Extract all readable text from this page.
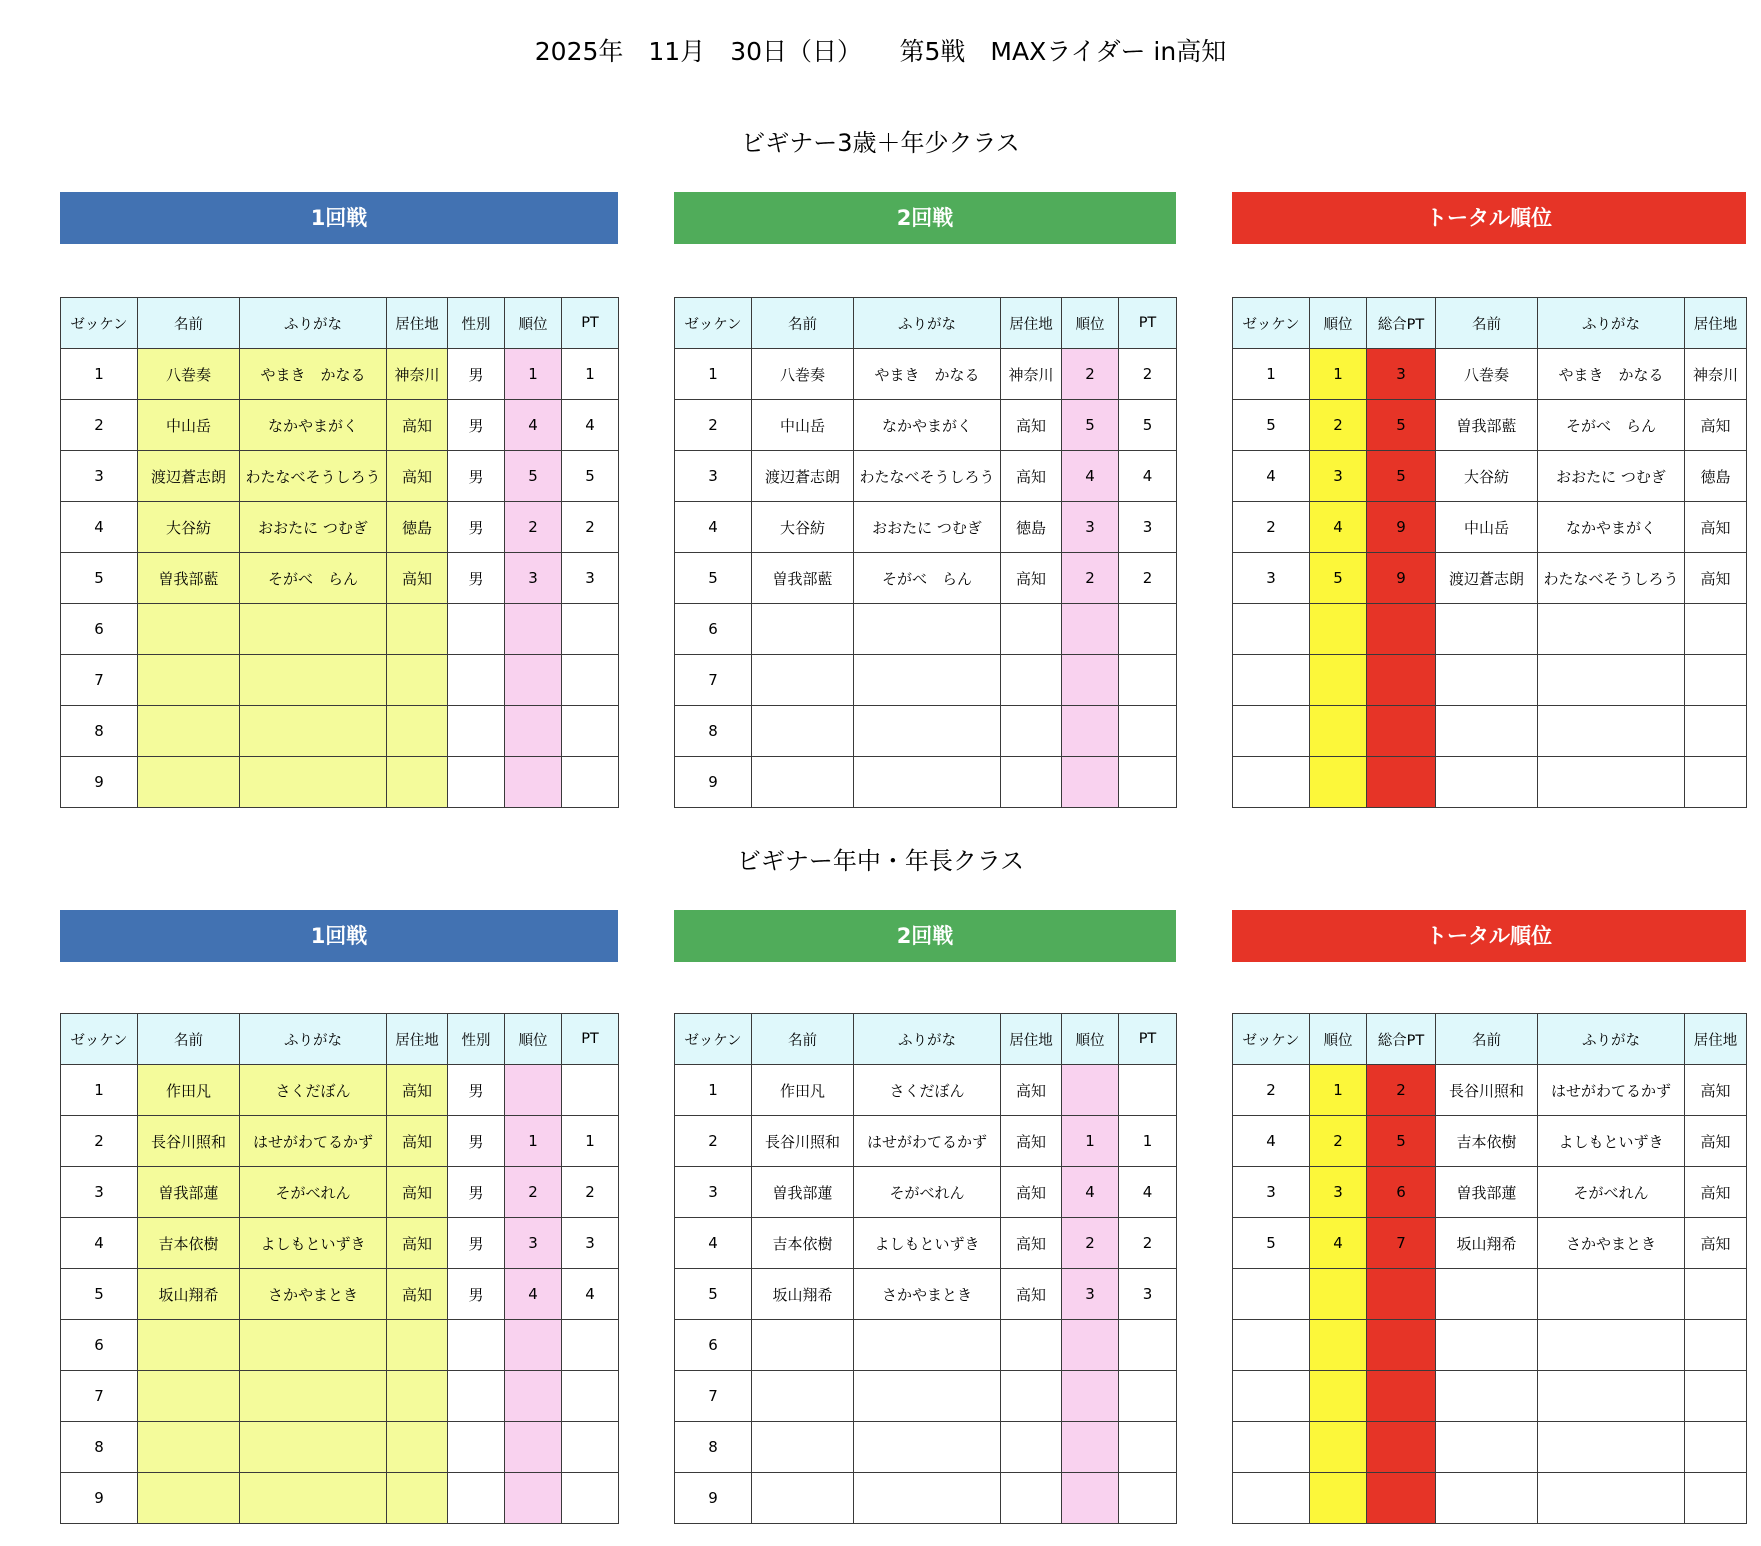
2025年　11月　30日（日）　　第5戦　MAXライダー in高知
ビギナー3歳＋年少クラス
1回戦	2回戦	トータル順位
ゼッケン	名前	ふりがな	居住地	性別	順位	PT
1	八巻奏	やまき　かなる	神奈川	男	1	1
2	中山岳	なかやまがく	高知	男	4	4
3	渡辺蒼志朗	わたなべそうしろう	高知	男	5	5
4	大谷紡	おおたに つむぎ	徳島	男	2	2
5	曽我部藍	そがべ　らん	高知	男	3	3
6						
7						
8						
9						
ゼッケン	名前	ふりがな	居住地	順位	PT
1	八巻奏	やまき　かなる	神奈川	2	2
2	中山岳	なかやまがく	高知	5	5
3	渡辺蒼志朗	わたなべそうしろう	高知	4	4
4	大谷紡	おおたに つむぎ	徳島	3	3
5	曽我部藍	そがべ　らん	高知	2	2
6					
7					
8					
9					
ゼッケン	順位	総合PT	名前	ふりがな	居住地
1	1	3	八巻奏	やまき　かなる	神奈川
5	2	5	曽我部藍	そがべ　らん	高知
4	3	5	大谷紡	おおたに つむぎ	徳島
2	4	9	中山岳	なかやまがく	高知
3	5	9	渡辺蒼志朗	わたなべそうしろう	高知

ビギナー年中・年長クラス
1回戦	2回戦	トータル順位
ゼッケン	名前	ふりがな	居住地	性別	順位	PT
1	作田凡	さくだぼん	高知	男		
2	長谷川照和	はせがわてるかず	高知	男	1	1
3	曽我部蓮	そがべれん	高知	男	2	2
4	吉本依樹	よしもといずき	高知	男	3	3
5	坂山翔希	さかやまとき	高知	男	4	4
6						
7						
8						
9						
ゼッケン	名前	ふりがな	居住地	順位	PT
1	作田凡	さくだぼん	高知		
2	長谷川照和	はせがわてるかず	高知	1	1
3	曽我部蓮	そがべれん	高知	4	4
4	吉本依樹	よしもといずき	高知	2	2
5	坂山翔希	さかやまとき	高知	3	3
6					
7					
8					
9					
ゼッケン	順位	総合PT	名前	ふりがな	居住地
2	1	2	長谷川照和	はせがわてるかず	高知
4	2	5	吉本依樹	よしもといずき	高知
3	3	6	曽我部蓮	そがべれん	高知
5	4	7	坂山翔希	さかやまとき	高知
